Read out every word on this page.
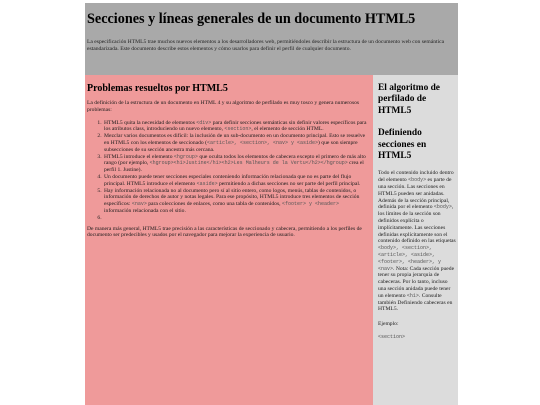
Secciones y líneas generales de un documento HTML5

La especificación HTML5 trae muchos nuevos elementos a los desarrolladores web, permitiéndoles describir la estructura de un documento web con semántica estandarizada. Este documento describe estos elementos y cómo usarlos para definir el perfil de cualquier documento.

Problemas resueltos por HTML5

La definición de la estructura de un documento en HTML 4 y su algoritmo de perfilado es muy tosco y genera numerosos problemas:

1. HTML5 quita la necesidad de elementos <div> para definir secciones semánticas sin definir valores específicos para los atributos class, introduciendo un nuevo elemento, <section>, el elemento de sección HTML.
2. Mezclar varios documentos es difícil: la inclusión de un sub-documento en un documento principal. Esto se resuelve en HTML5 con los elementos de seccionado (<article>, <section>, <nav> y <aside>) que son siempre subsecciones de su sección ancestra más cercana.
3. HTML5 introduce el elemento <hgroup> que oculta todos los elementos de cabecera excepto el primero de más alto rango (por ejemplo, <hgroup><h1>Justine</h1><h2>Les Malheurs de la Vertu</h2></hgroup> crea el perfil 1. Justine).
4. Un documento puede tener secciones especiales conteniendo información relacionada que no es parte del flujo principal. HTML5 introduce el elemento <aside> permitiendo a dichas secciones no ser parte del perfil principal.
5. Hay información relacionada no al documento pero sí al sitio entero, como logos, menús, tablas de contenidos, o información de derechos de autor y notas legales. Para ese propósito, HTML5 introduce tres elementos de sección específicos: <nav> para colecciones de enlaces, como una tabla de contenidos, <footer> y <header> información relacionada con el sitio.
6.

De manera más general, HTML5 trae precisión a las características de seccionado y cabecera, permitiendo a los perfiles de documento ser predecibles y usados por el navegador para mejorar la experiencia de usuario.

El algoritmo de perfilado de HTML5
Definiendo secciones en HTML5

Todo el contenido incluido dentro del elemento <body> es parte de una sección. Las secciones en HTML5 pueden ser anidadas. Además de la sección principal, definida por el elemento <body>, los límites de la sección son definidos explícita o implícitamente. Las secciones definidas explícitamente son el contenido definido en las etiquetas <body>, <section>, <article>, <aside>, <footer>, <header>, y <nav>. Nota: Cada sección puede tener su propia jerarquía de cabeceras. Por lo tanto, incluso una sección anidada puede tener un elemento <h1>. Consulte también Definiendo cabeceras en HTML5.

Ejemplo:

<section>
